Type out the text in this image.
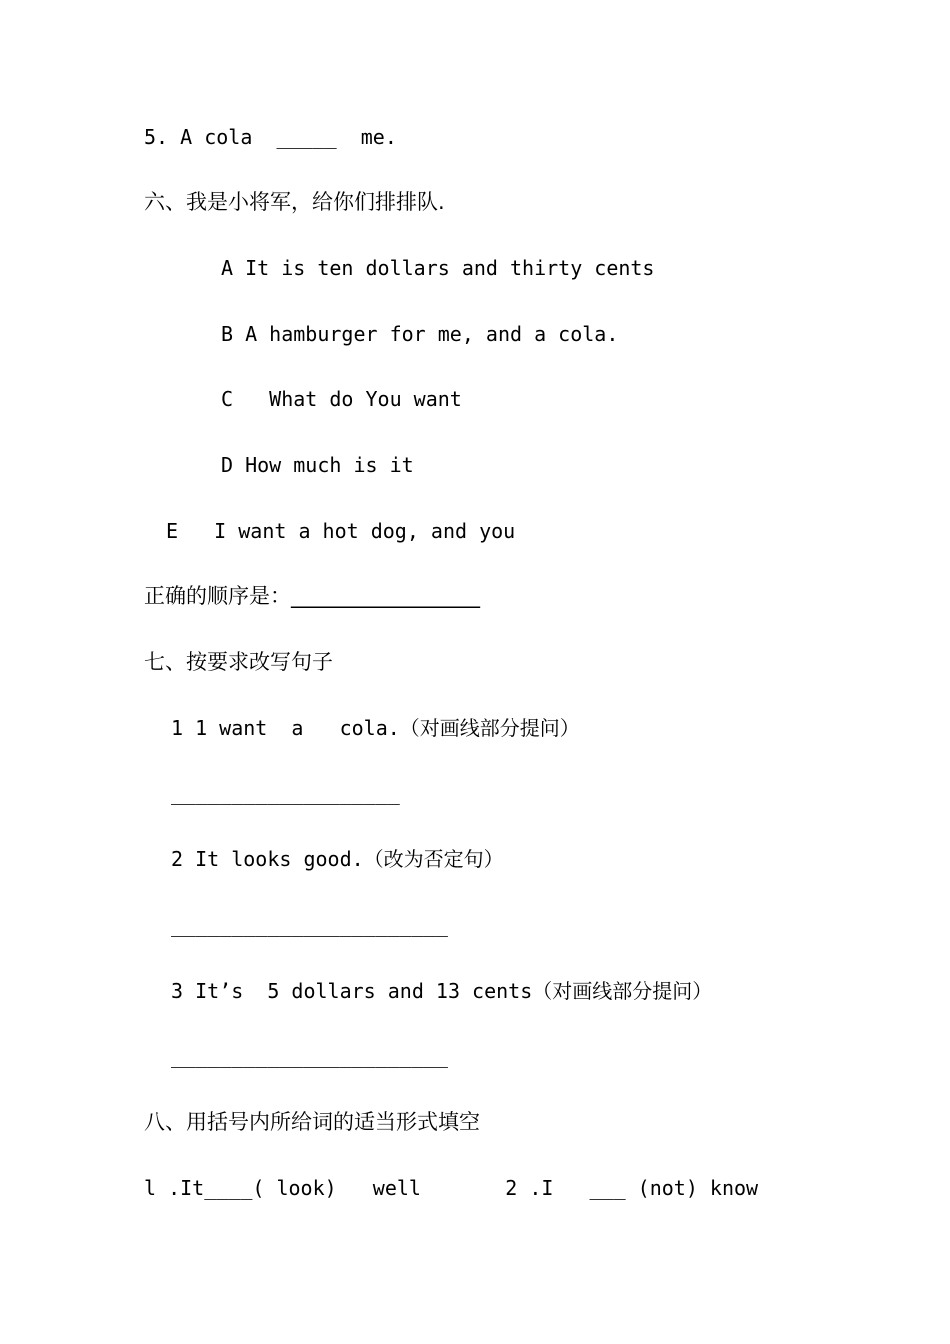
5. A cola  _____  me.
六、我是小将军，给你们排排队.
A It is ten dollars and thirty cents
B A hamburger for me, and a cola.
C   What do You want
D How much is it
E   I want a hot dog, and you
正确的顺序是：__________________
七、按要求改写句子
1 1 want  a   cola.（对画线部分提问）
___________________
2 It looks good.（改为否定句）
_______________________
3 It’s  5 dollars and 13 cents（对画线部分提问）
_______________________
八、用括号内所给词的适当形式填空
l .It____( look)   well       2 .I   ___ (not) know
